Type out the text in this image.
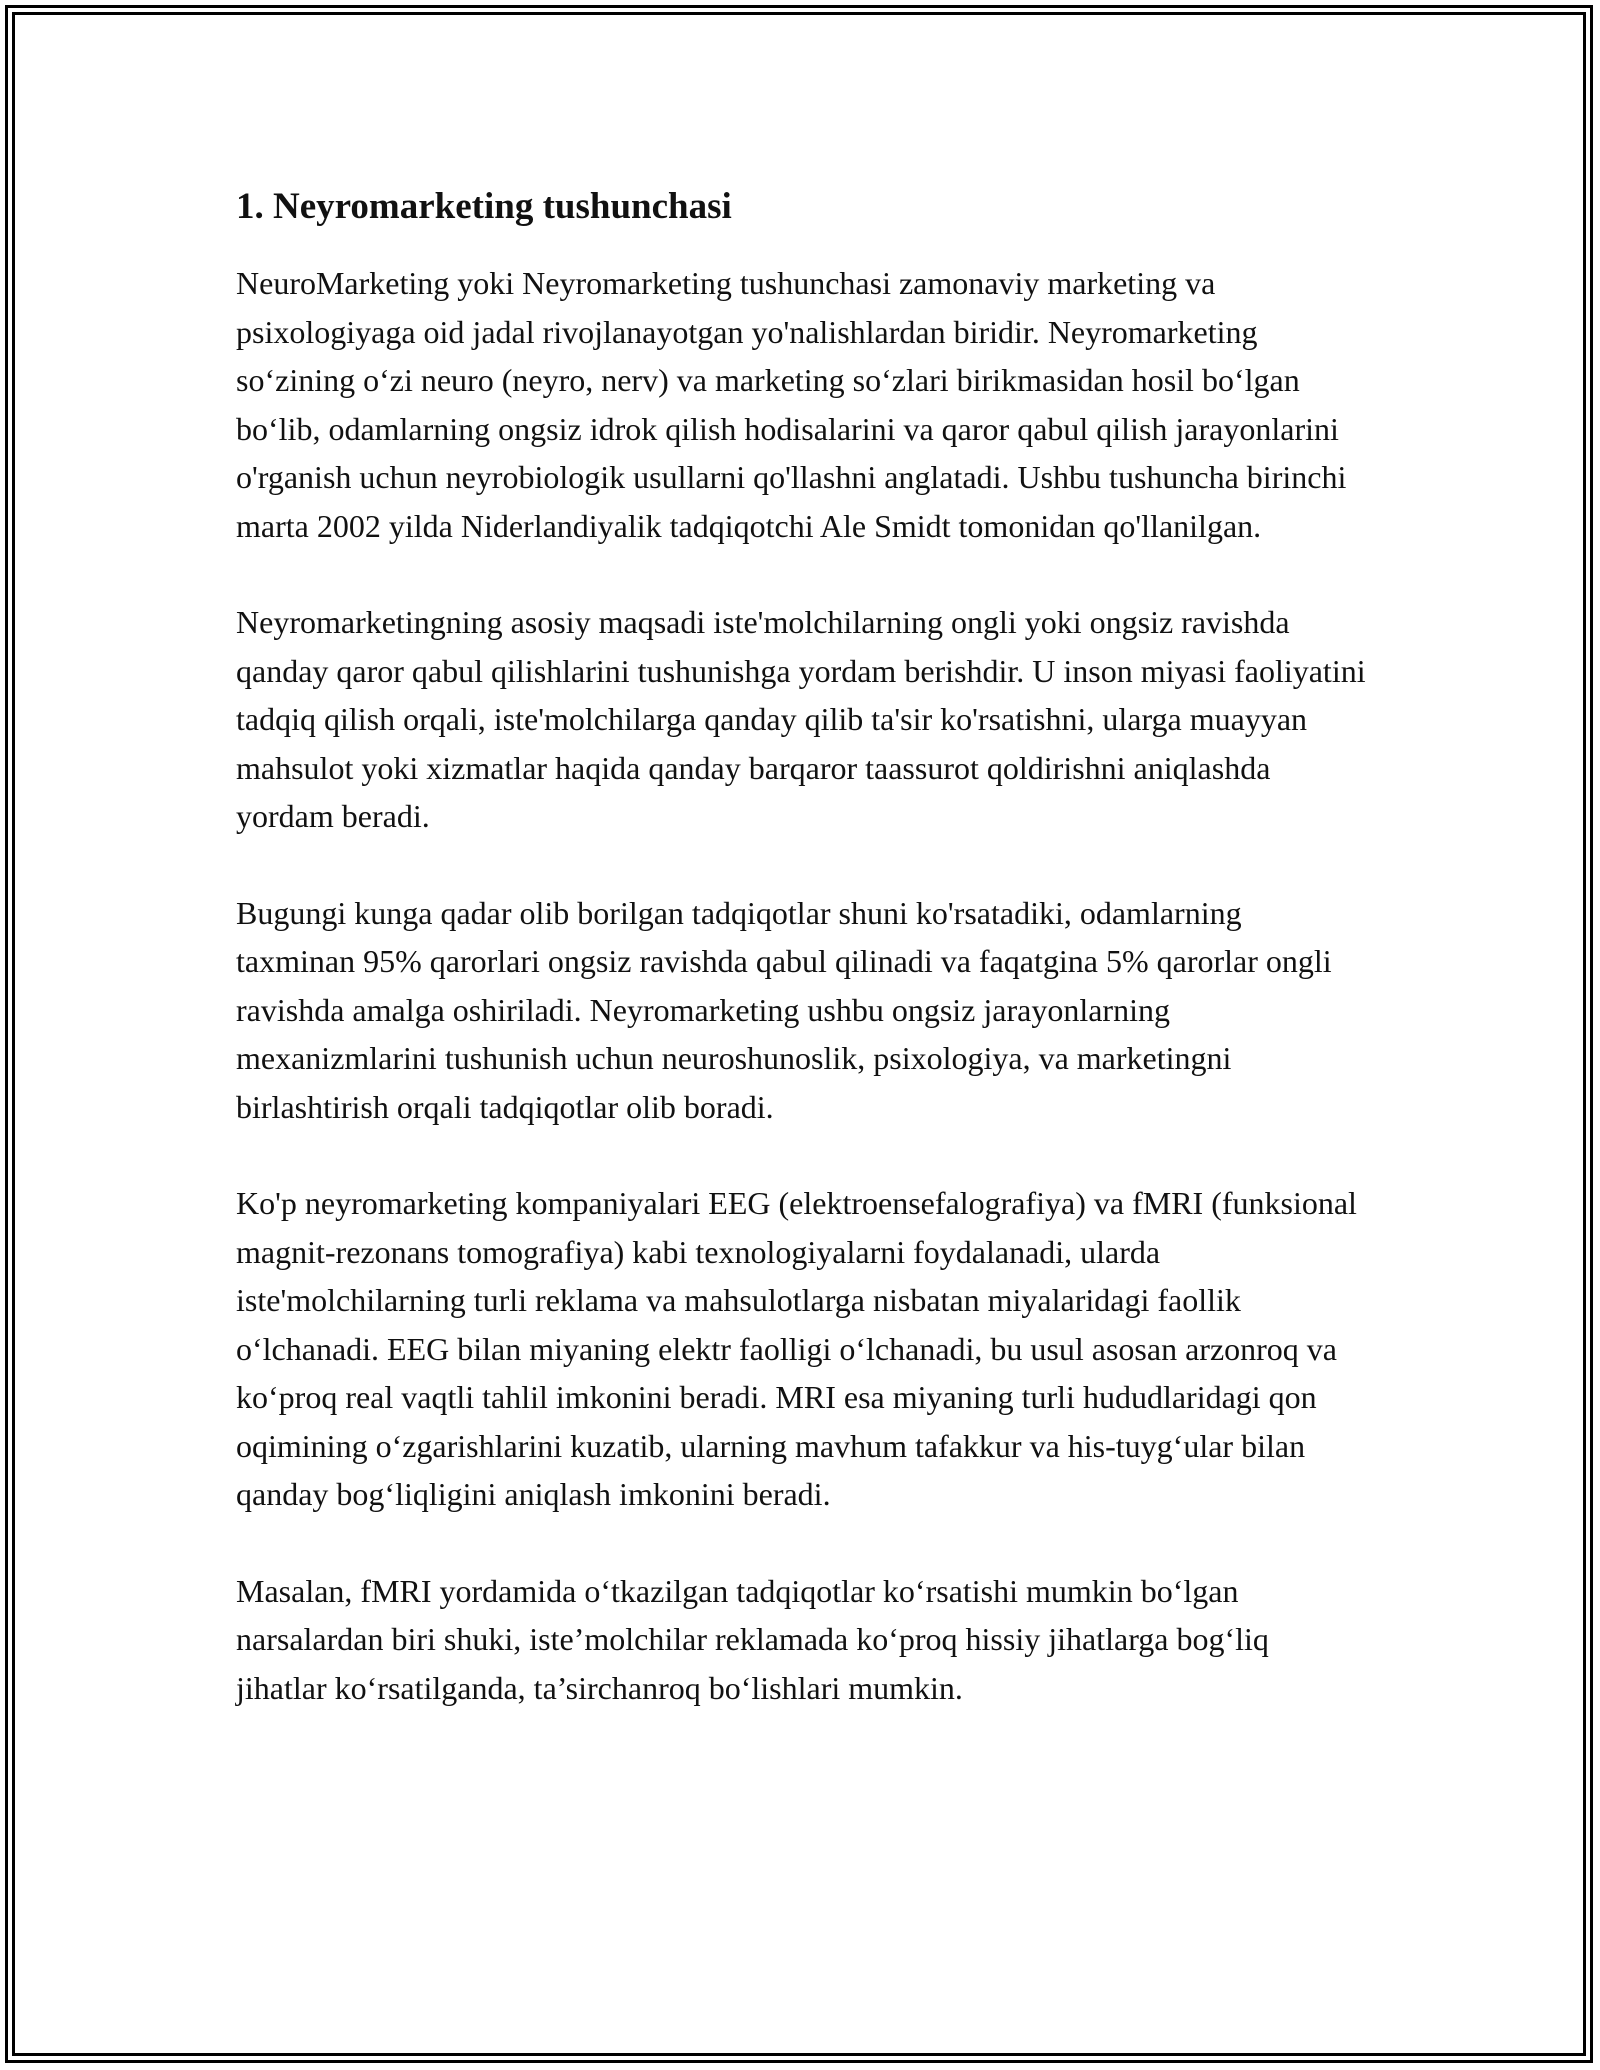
1. Neyromarketing tushunchasi

NeuroMarketing yoki Neyromarketing tushunchasi zamonaviy marketing va psixologiyaga oid jadal rivojlanayotgan yo'nalishlardan biridir. Neyromarketing so‘zining o‘zi neuro (neyro, nerv) va marketing so‘zlari birikmasidan hosil bo‘lgan bo‘lib, odamlarning ongsiz idrok qilish hodisalarini va qaror qabul qilish jarayonlarini o'rganish uchun neyrobiologik usullarni qo'llashni anglatadi. Ushbu tushuncha birinchi marta 2002 yilda Niderlandiyalik tadqiqotchi Ale Smidt tomonidan qo'llanilgan.

Neyromarketingning asosiy maqsadi iste'molchilarning ongli yoki ongsiz ravishda qanday qaror qabul qilishlarini tushunishga yordam berishdir. U inson miyasi faoliyatini tadqiq qilish orqali, iste'molchilarga qanday qilib ta'sir ko'rsatishni, ularga muayyan mahsulot yoki xizmatlar haqida qanday barqaror taassurot qoldirishni aniqlashda yordam beradi.

Bugungi kunga qadar olib borilgan tadqiqotlar shuni ko'rsatadiki, odamlarning taxminan 95% qarorlari ongsiz ravishda qabul qilinadi va faqatgina 5% qarorlar ongli ravishda amalga oshiriladi. Neyromarketing ushbu ongsiz jarayonlarning mexanizmlarini tushunish uchun neuroshunoslik, psixologiya, va marketingni birlashtirish orqali tadqiqotlar olib boradi.

Ko'p neyromarketing kompaniyalari EEG (elektroensefalografiya) va fMRI (funksional magnit-rezonans tomografiya) kabi texnologiyalarni foydalanadi, ularda iste'molchilarning turli reklama va mahsulotlarga nisbatan miyalaridagi faollik o‘lchanadi. EEG bilan miyaning elektr faolligi o‘lchanadi, bu usul asosan arzonroq va ko‘proq real vaqtli tahlil imkonini beradi. MRI esa miyaning turli hududlaridagi qon oqimining o‘zgarishlarini kuzatib, ularning mavhum tafakkur va his-tuyg‘ular bilan qanday bog‘liqligini aniqlash imkonini beradi.

Masalan, fMRI yordamida o‘tkazilgan tadqiqotlar ko‘rsatishi mumkin bo‘lgan narsalardan biri shuki, iste’molchilar reklamada ko‘proq hissiy jihatlarga bog‘liq jihatlar ko‘rsatilganda, ta’sirchanroq bo‘lishlari mumkin.
